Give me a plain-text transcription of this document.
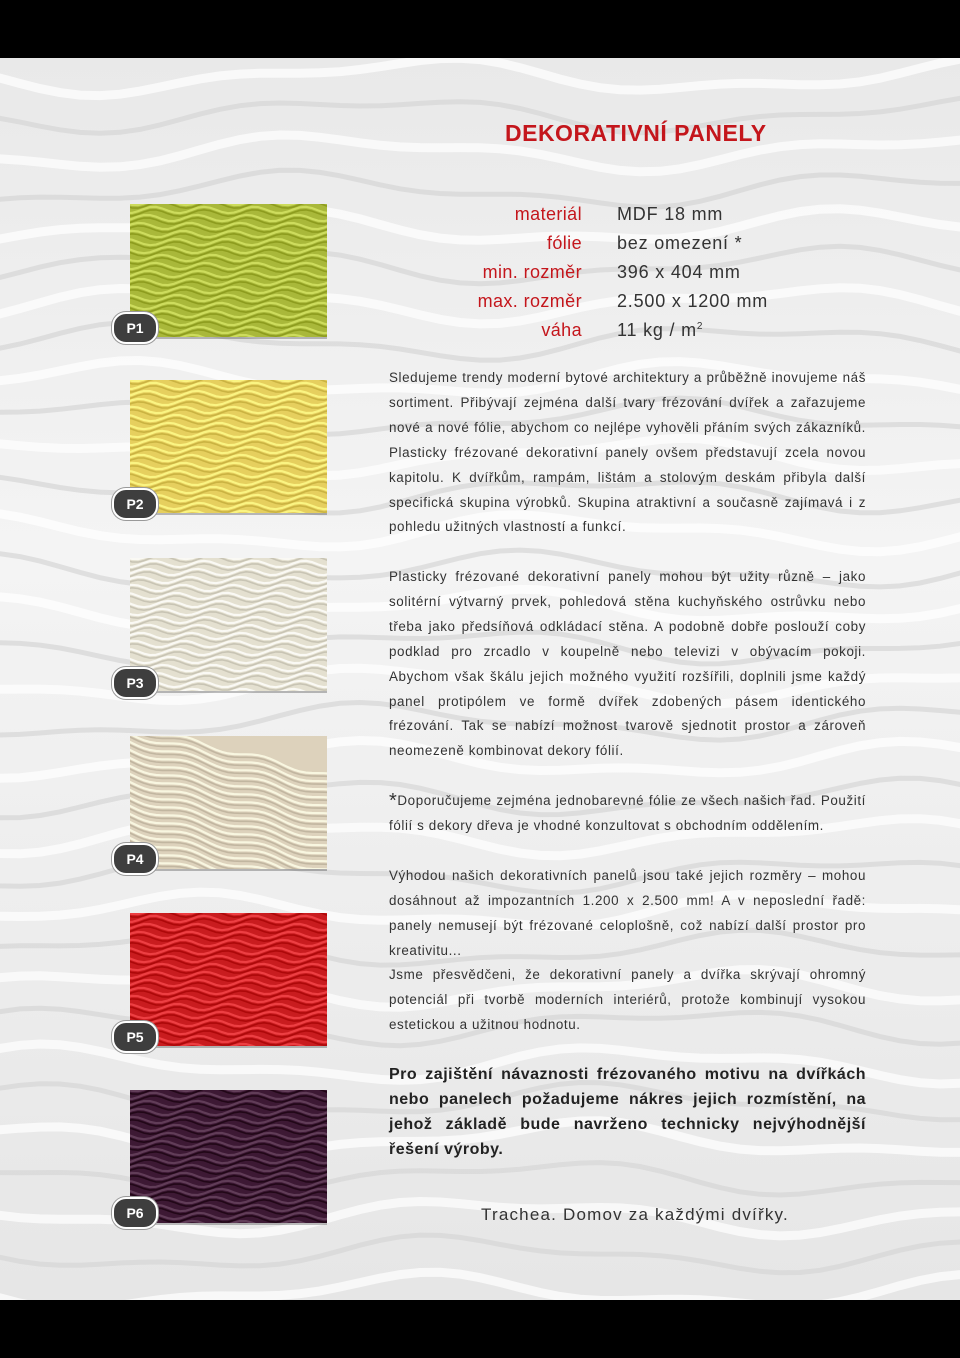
DEKORATIVNÍ PANELY
materiál MDF 18 mm
fólie bez omezení *
min. rozměr 396 x 404 mm
max. rozměr 2.500 x 1200 mm
váha 11 kg / $m^2$
P1
P2
P3
P4
P5
P6

Sledujeme trendy moderní bytové architektury a průběžně inovujeme náš sortiment. Přibývají zejména další tvary frézování dvířek a zařazujeme nové a nové fólie, abychom co nejlépe vyhověli přáním svých zákazníků. Plasticky frézované dekorativní panely ovšem představují zcela novou kapitolu. K dvířkům, rampám, lištám a stolovým deskám přibyla další specifická skupina výrobků. Skupina atraktivní a současně zajímavá i z pohledu užitných vlastností a funkcí.

Plasticky frézované dekorativní panely mohou být užity různě – jako solitérní výtvarný prvek, pohledová stěna kuchyňského ostrůvku nebo třeba jako předsíňová odkládací stěna. A podobně dobře poslouží coby podklad pro zrcadlo v koupelně nebo televizi v obývacím pokoji. Abychom však škálu jejich možného využití rozšířili, doplnili jsme každý panel protipólem ve formě dvířek zdobených pásem identického frézování. Tak se nabízí možnost tvarově sjednotit prostor a zároveň neomezeně kombinovat dekory fólií.

*Doporučujeme zejména jednobarevné fólie ze všech našich řad. Použití fólií s dekory dřeva je vhodné konzultovat s obchodním oddělením.

Výhodou našich dekorativních panelů jsou také jejich rozměry – mohou dosáhnout až impozantních 1.200 x 2.500 mm! A v neposlední řadě: panely nemusejí být frézované celoplošně, což nabízí další prostor pro kreativitu...

Jsme přesvědčeni, že dekorativní panely a dvířka skrývají ohromný potenciál při tvorbě moderních interiérů, protože kombinují vysokou estetickou a užitnou hodnotu.

Pro zajištění návaznosti frézovaného motivu na dvířkách nebo panelech požadujeme nákres jejich rozmístění, na jehož základě bude navrženo technicky nejvýhodnější řešení výroby.

Trachea. Domov za každými dvířky.
